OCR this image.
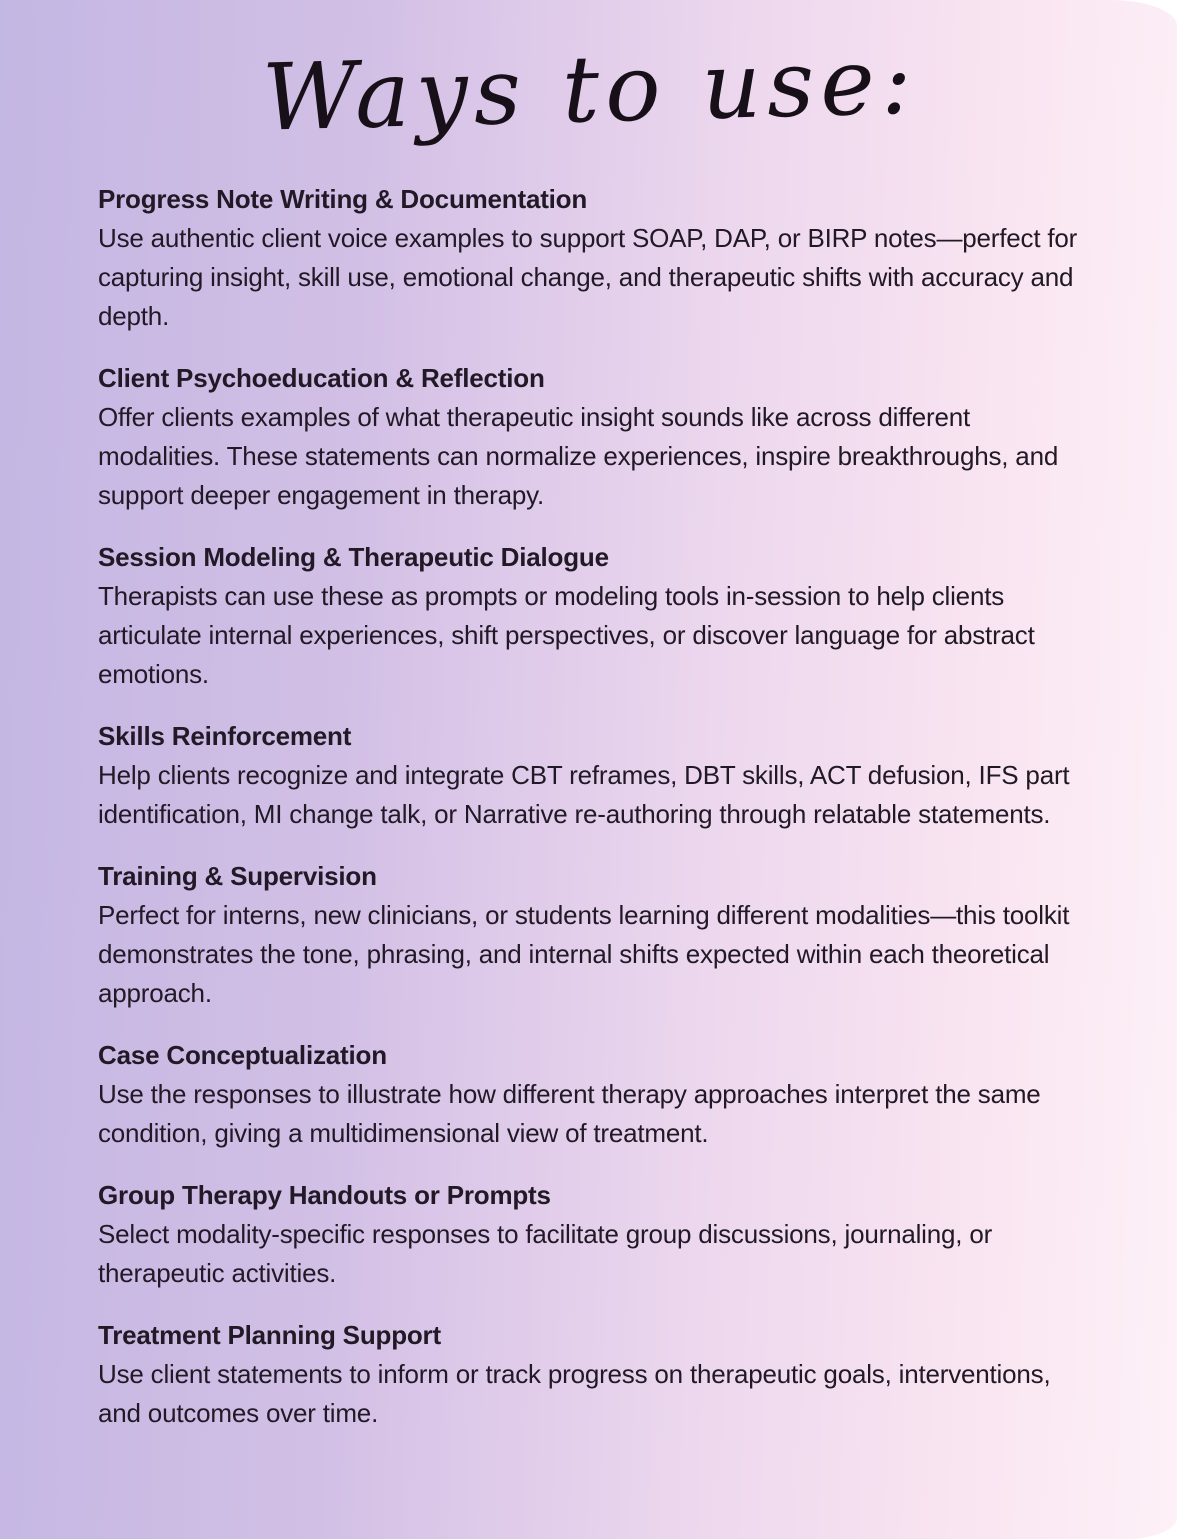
Ways to use:
Progress Note Writing & Documentation

Use authentic client voice examples to support SOAP, DAP, or BIRP notes—perfect for capturing insight, skill use, emotional change, and therapeutic shifts with accuracy and depth.

Client Psychoeducation & Reflection

Offer clients examples of what therapeutic insight sounds like across different modalities. These statements can normalize experiences, inspire breakthroughs, and support deeper engagement in therapy.

Session Modeling & Therapeutic Dialogue

Therapists can use these as prompts or modeling tools in-session to help clients articulate internal experiences, shift perspectives, or discover language for abstract emotions.

Skills Reinforcement

Help clients recognize and integrate CBT reframes, DBT skills, ACT defusion, IFS part identification, MI change talk, or Narrative re-authoring through relatable statements.

Training & Supervision

Perfect for interns, new clinicians, or students learning different modalities—this toolkit demonstrates the tone, phrasing, and internal shifts expected within each theoretical approach.

Case Conceptualization

Use the responses to illustrate how different therapy approaches interpret the same condition, giving a multidimensional view of treatment.

Group Therapy Handouts or Prompts

Select modality-specific responses to facilitate group discussions, journaling, or therapeutic activities.

Treatment Planning Support

Use client statements to inform or track progress on therapeutic goals, interventions, and outcomes over time.
